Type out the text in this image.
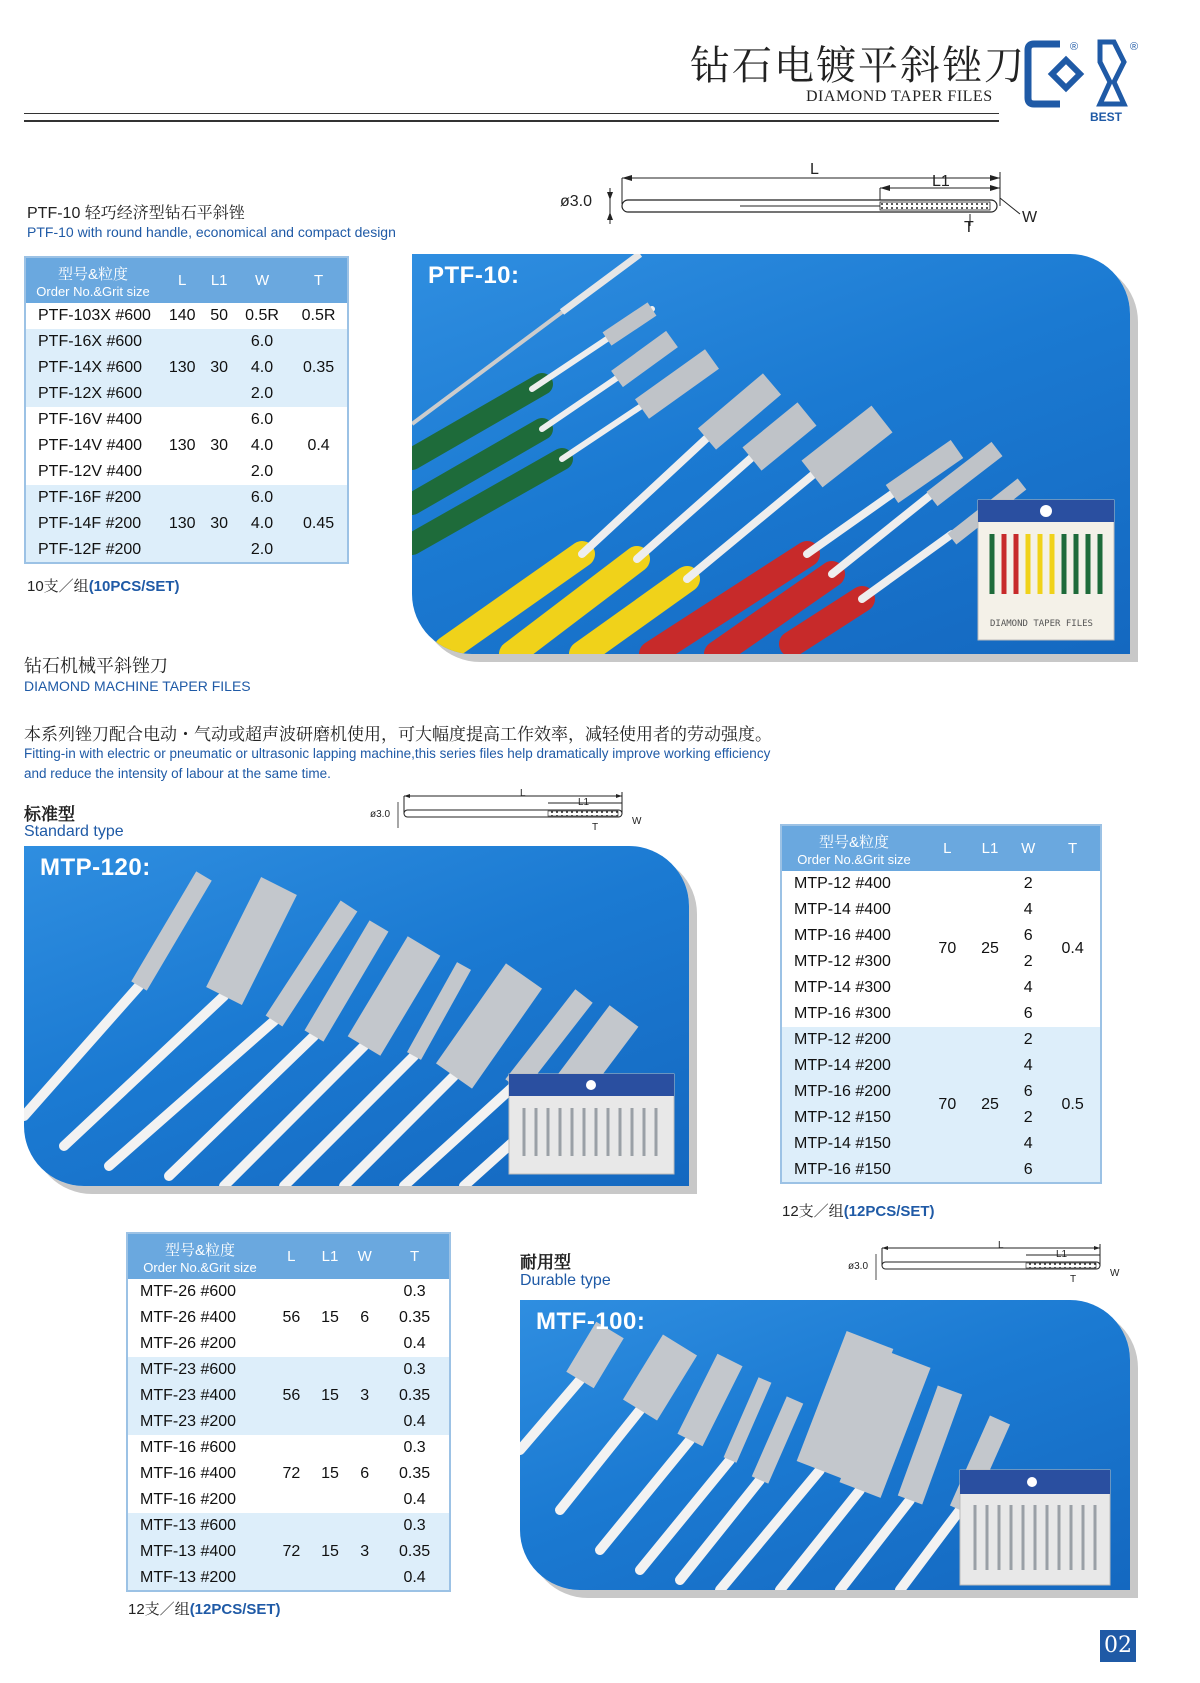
钻石电镀平斜锉刀
DIAMOND TAPER FILES
®	®
BEST
PTF-10 轻巧经济型钻石平斜锉
PTF-10 with round handle, economical and compact design
ø3.0
L
L1
T
W
型号&粒度
Order No.&Grit size	L	L1	W	T
PTF-103X #600	140	50	0.5R	0.5R
PTF-16X #600	130	30	6.0	0.35
PTF-14X #600			4.0	
PTF-12X #600			2.0	
PTF-16V #400	130	30	6.0	0.4
PTF-14V #400			4.0	
PTF-12V #400			2.0	
PTF-16F #200	130	30	6.0	0.45
PTF-14F #200			4.0	
PTF-12F #200			2.0	
10支／组(10PCS/SET)
DIAMOND TAPER FILES
PTF-10:
钻石机械平斜锉刀
DIAMOND MACHINE TAPER FILES
本系列锉刀配合电动・气动或超声波研磨机使用，可大幅度提高工作效率，减轻使用者的劳动强度。
Fitting-in with electric or pneumatic or ultrasonic lapping machine,this series files help dramatically improve working efficiency
and reduce the intensity of labour at the same time.
标准型
Standard type
ø3.0
L
L1
T
W
MTP-120:
型号&粒度
Order No.&Grit size	L	L1	W	T
MTP-12 #400	70	25	2	0.4
MTP-14 #400			4	
MTP-16 #400			6	
MTP-12 #300			2	
MTP-14 #300			4	
MTP-16 #300			6	
MTP-12 #200	70	25	2	0.5
MTP-14 #200			4	
MTP-16 #200			6	
MTP-12 #150			2	
MTP-14 #150			4	
MTP-16 #150			6	
12支／组(12PCS/SET)
型号&粒度
Order No.&Grit size	L	L1	W	T
MTF-26 #600	56	15	6	0.3
MTF-26 #400				0.35
MTF-26 #200				0.4
MTF-23 #600	56	15	3	0.3
MTF-23 #400				0.35
MTF-23 #200				0.4
MTF-16 #600	72	15	6	0.3
MTF-16 #400				0.35
MTF-16 #200				0.4
MTF-13 #600	72	15	3	0.3
MTF-13 #400				0.35
MTF-13 #200				0.4
12支／组(12PCS/SET)
耐用型
Durable type
ø3.0
L
L1
T
W
MTF-100:
02
